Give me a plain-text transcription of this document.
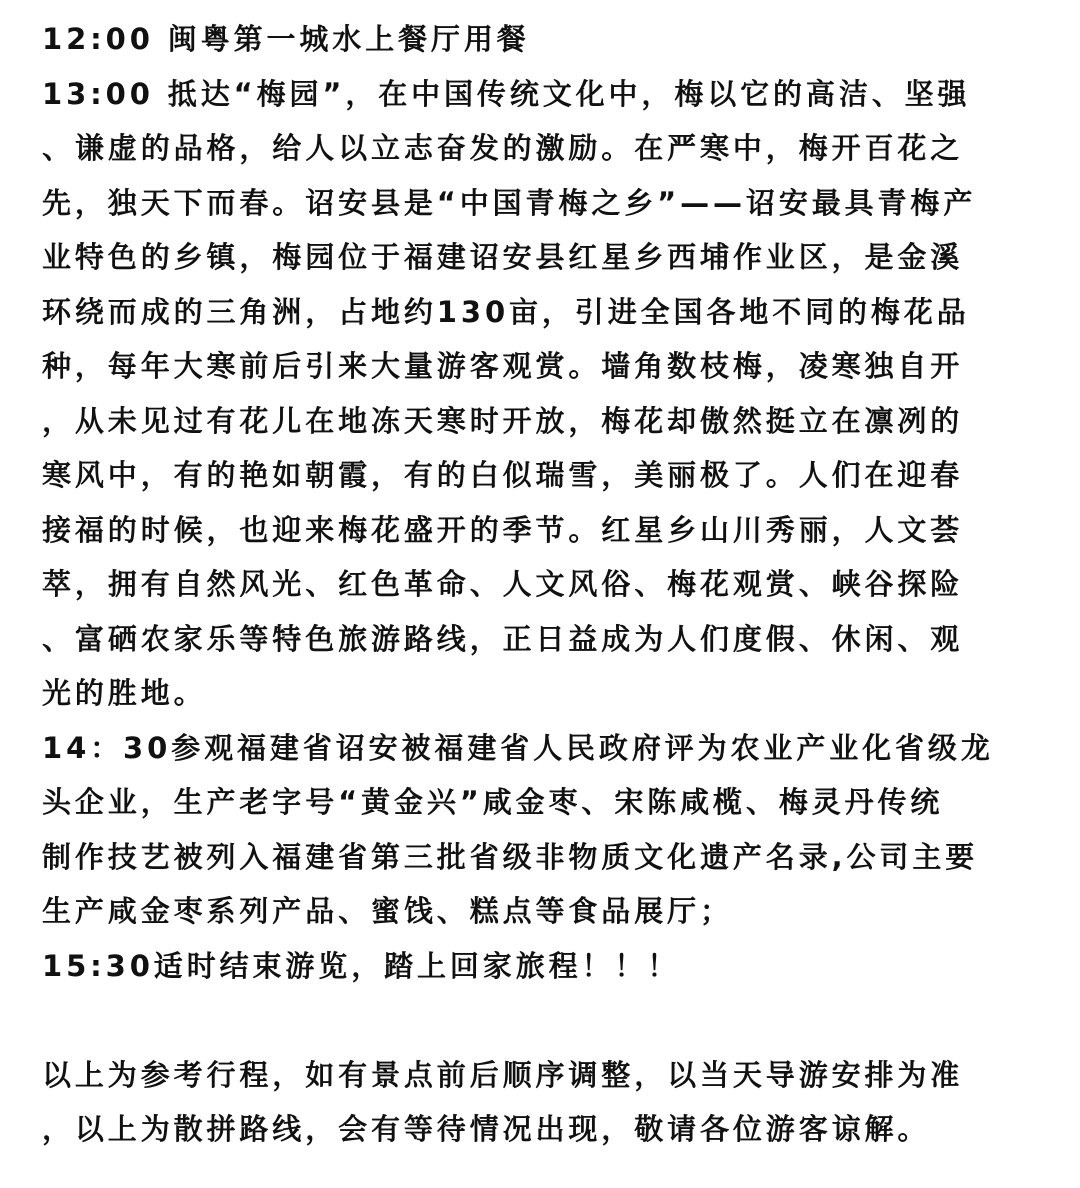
12:00 闽粤第一城水上餐厅用餐
13:00 抵达“梅园”，在中国传统文化中，梅以它的高洁、坚强
、谦虚的品格，给人以立志奋发的激励。在严寒中，梅开百花之
先，独天下而春。诏安县是“中国青梅之乡”——诏安最具青梅产
业特色的乡镇，梅园位于福建诏安县红星乡西埔作业区，是金溪
环绕而成的三角洲，占地约130亩，引进全国各地不同的梅花品
种，每年大寒前后引来大量游客观赏。墙角数枝梅，凌寒独自开
，从未见过有花儿在地冻天寒时开放，梅花却傲然挺立在凛冽的
寒风中，有的艳如朝霞，有的白似瑞雪，美丽极了。人们在迎春
接福的时候，也迎来梅花盛开的季节。红星乡山川秀丽，人文荟
萃，拥有自然风光、红色革命、人文风俗、梅花观赏、峡谷探险
、富硒农家乐等特色旅游路线，正日益成为人们度假、休闲、观
光的胜地。
14：30参观福建省诏安被福建省人民政府评为农业产业化省级龙
头企业，生产老字号“黄金兴”咸金枣、宋陈咸榄、梅灵丹传统
制作技艺被列入福建省第三批省级非物质文化遗产名录,公司主要
生产咸金枣系列产品、蜜饯、糕点等食品展厅；
15:30适时结束游览，踏上回家旅程！！！
以上为参考行程，如有景点前后顺序调整，以当天导游安排为准
，以上为散拼路线，会有等待情况出现，敬请各位游客谅解。
